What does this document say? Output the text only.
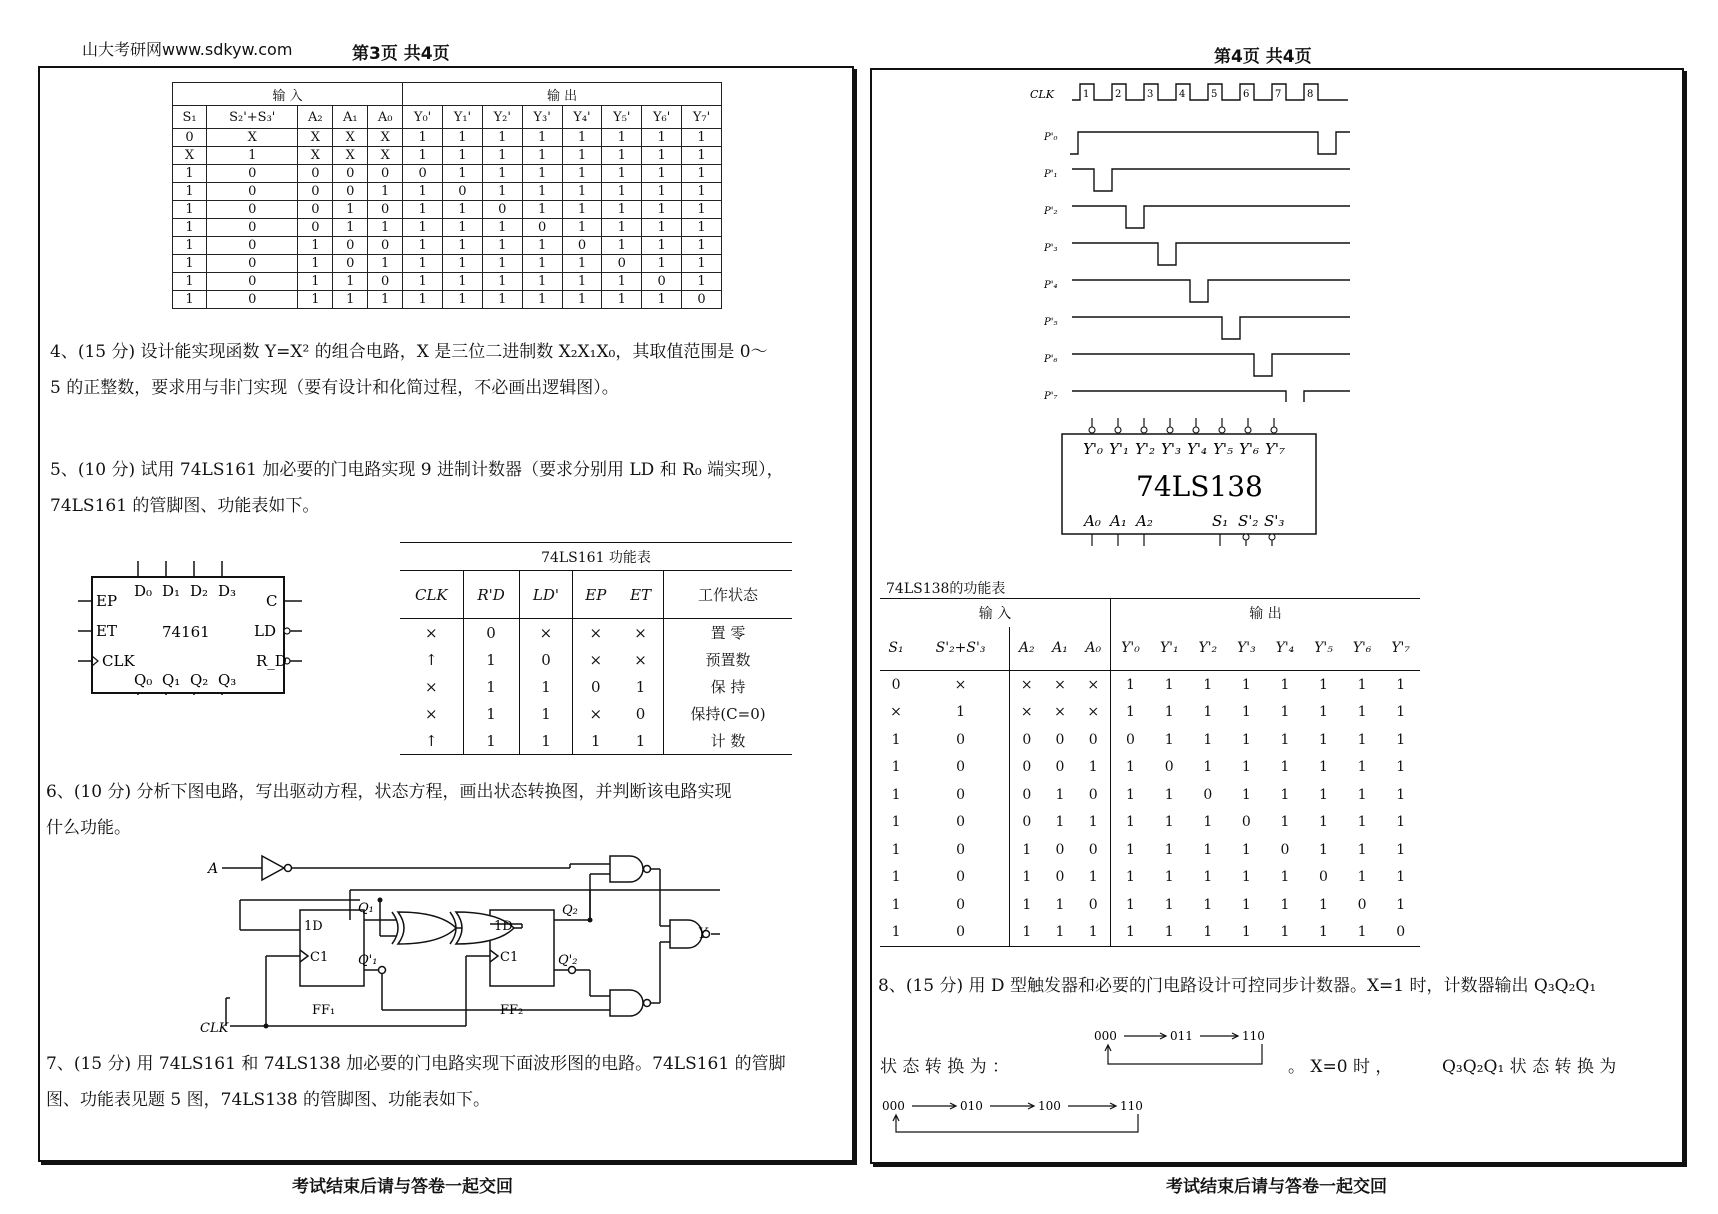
山大考研网www.sdkyw.com	第3页 共4页	第4页 共4页
输 入					输 出							
S₁	S₂'+S₃'	A₂	A₁	A₀	Y₀'	Y₁'	Y₂'	Y₃'	Y₄'	Y₅'	Y₆'	Y₇'
0	X	X	X	X	1	1	1	1	1	1	1	1
X	1	X	X	X	1	1	1	1	1	1	1	1
1	0	0	0	0	0	1	1	1	1	1	1	1
1	0	0	0	1	1	0	1	1	1	1	1	1
1	0	0	1	0	1	1	0	1	1	1	1	1
1	0	0	1	1	1	1	1	0	1	1	1	1
1	0	1	0	0	1	1	1	1	0	1	1	1
1	0	1	0	1	1	1	1	1	1	0	1	1
1	0	1	1	0	1	1	1	1	1	1	0	1
1	0	1	1	1	1	1	1	1	1	1	1	0
4、(15 分) 设计能实现函数 Y=X² 的组合电路，X 是三位二进制数 X₂X₁X₀，其取值范围是 0～
5 的正整数，要求用与非门实现（要有设计和化简过程，不必画出逻辑图）。
5、(10 分) 试用 74LS161 加必要的门电路实现 9 进制计数器（要求分别用 LD 和 R₀ 端实现），
74LS161 的管脚图、功能表如下。
D₀ D₁ D₂ D₃
Q₀ Q₁ Q₂ Q₃
EP
ET
CLK
C
LD
R_D
74161
74LS161 功能表					
CLK	R'D	LD'	EP	ET	工作状态
×	0	×	×	×	置 零
↑	1	0	×	×	预置数
×	1	1	0	1	保 持
×	1	1	×	0	保持(C=0)
↑	1	1	1	1	计 数
6、(10 分) 分析下图电路，写出驱动方程，状态方程，画出状态转换图，并判断该电路实现
什么功能。
A
CLK
Y
1D
C1
Q₁
Q'₁
FF₁
1D
C1
Q₂
Q'₂
FF₂
7、(15 分) 用 74LS161 和 74LS138 加必要的门电路实现下面波形图的电路。74LS161 的管脚
图、功能表见题 5 图，74LS138 的管脚图、功能表如下。
考试结束后请与答卷一起交回
CLK	1	2	3	4	5	6	7	8
P'₀
P'₁
P'₂
P'₃
P'₄
P'₅
P'₆
P'₇
Y'₀ Y'₁ Y'₂ Y'₃ Y'₄ Y'₅ Y'₆ Y'₇
A₀ A₁ A₂	S₁ S'₂ S'₃
74LS138
74LS138的功能表
输 入					输 出							
S₁	S'₂+S'₃	A₂	A₁	A₀	Y'₀	Y'₁	Y'₂	Y'₃	Y'₄	Y'₅	Y'₆	Y'₇
0	×	×	×	×	1	1	1	1	1	1	1	1
×	1	×	×	×	1	1	1	1	1	1	1	1
1	0	0	0	0	0	1	1	1	1	1	1	1
1	0	0	0	1	1	0	1	1	1	1	1	1
1	0	0	1	0	1	1	0	1	1	1	1	1
1	0	0	1	1	1	1	1	0	1	1	1	1
1	0	1	0	0	1	1	1	1	0	1	1	1
1	0	1	0	1	1	1	1	1	1	0	1	1
1	0	1	1	0	1	1	1	1	1	1	0	1
1	0	1	1	1	1	1	1	1	1	1	1	0
8、(15 分) 用 D 型触发器和必要的门电路设计可控同步计数器。X=1 时，计数器输出 Q₃Q₂Q₁
状 态 转 换 为 ：	。 X=0 时 ，	Q₃Q₂Q₁ 状 态 转 换 为
000	011	110
000	010	100	110
考试结束后请与答卷一起交回
